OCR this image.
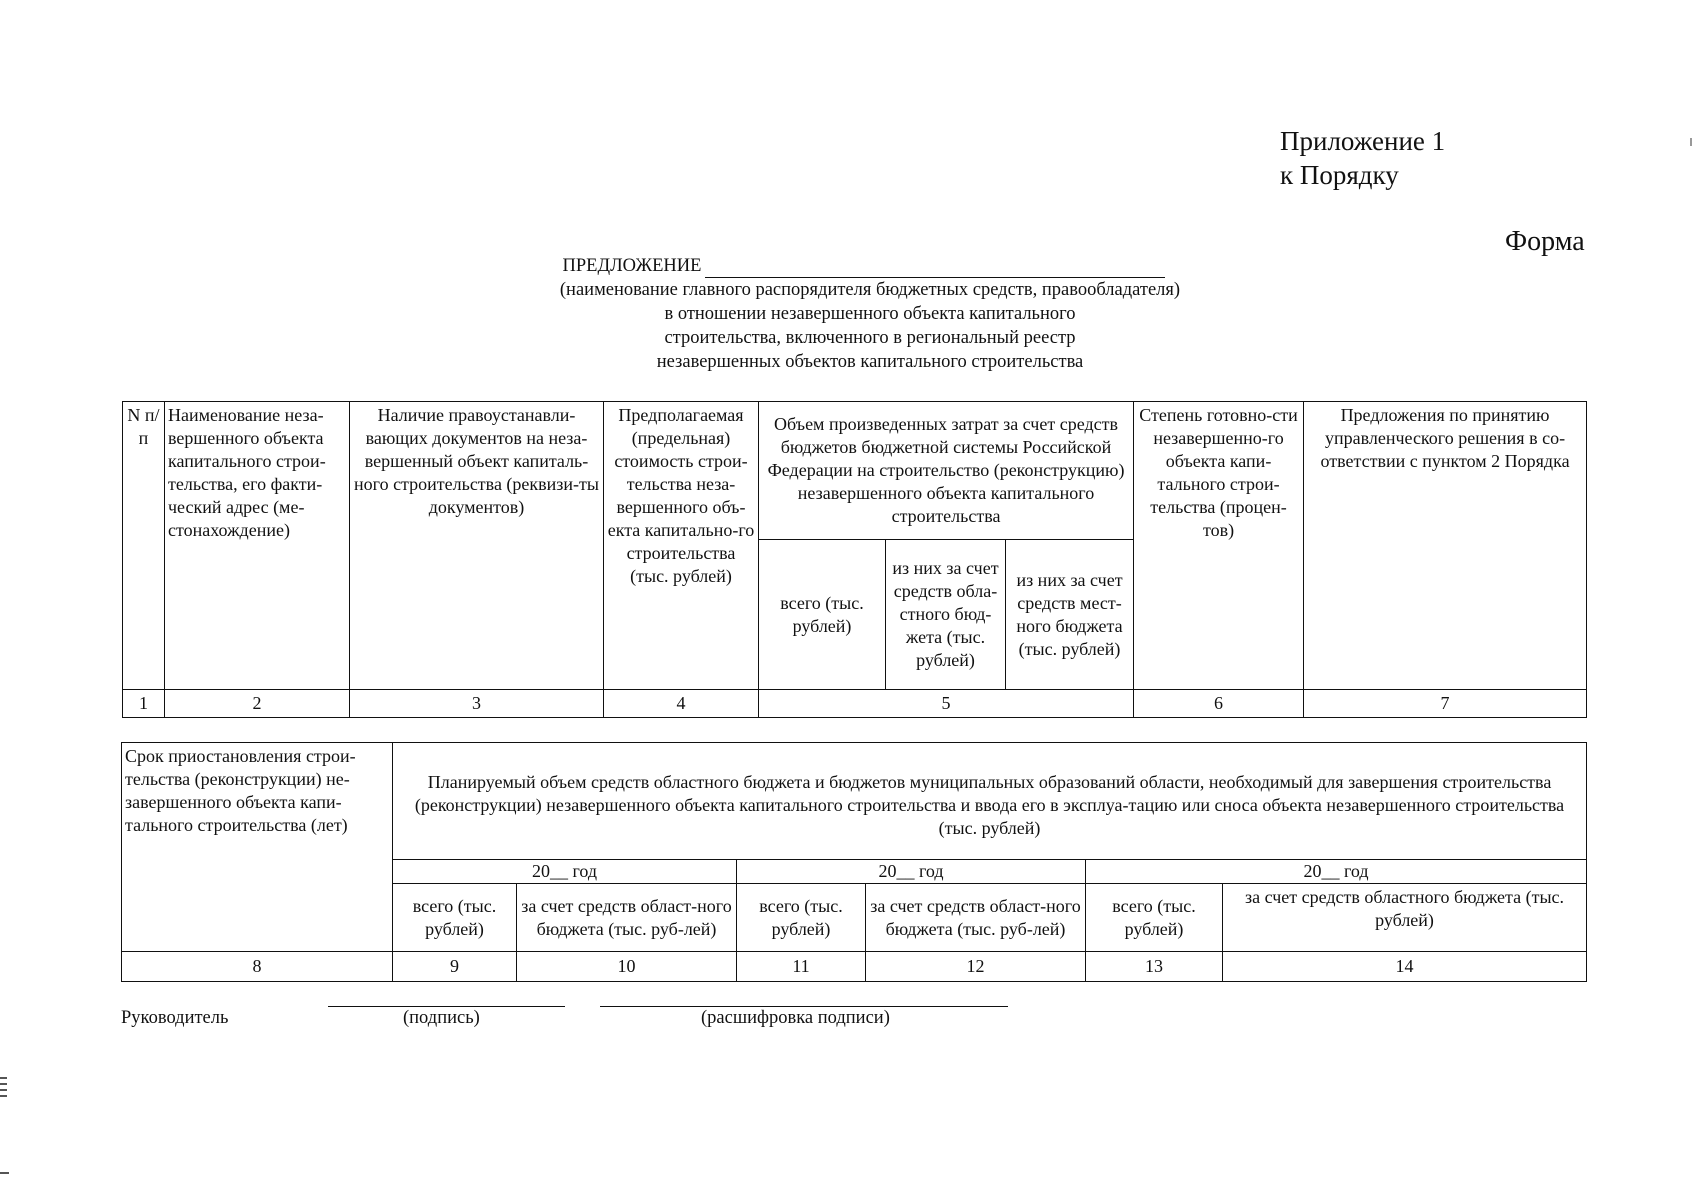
Приложение 1
к Порядку
Форма
ПРЕДЛОЖЕНИЕ
(наименование главного распорядителя бюджетных средств, правообладателя)
в отношении незавершенного объекта капитального
строительства, включенного в региональный реестр
незавершенных объектов капитального строительства
N п/п	Наименование неза-вершенного объекта капитального строи-тельства, его факти-ческий адрес (ме-стонахождение)	Наличие правоустанавли-вающих документов на неза-вершенный объект капиталь-ного строительства (реквизи-ты документов)	Предполагаемая (предельная) стоимость строи-тельства неза-вершенного объ-екта капитально-го строительства (тыс. рублей)	Объем произведенных затрат за счет средств бюджетов бюджетной системы Российской Федерации на строительство (реконструкцию) незавершенного объекта капитального строительства			Степень готовно-сти незавершенно-го объекта капи-тального строи-тельства (процен-тов)	Предложения по принятию управленческого решения в со-ответствии с пунктом 2 Порядка
				всего (тыс. рублей)	из них за счет средств обла-стного бюд-жета (тыс. рублей)	из них за счет средств мест-ного бюджета (тыс. рублей)		
1	2	3	4	5			6	7
Срок приостановления строи-тельства (реконструкции) не-завершенного объекта капи-тального строительства (лет)	Планируемый объем средств областного бюджета и бюджетов муниципальных образований области, необходимый для завершения строительства (реконструкции) незавершенного объекта капитального строительства и ввода его в эксплуа-тацию или сноса объекта незавершенного строительства (тыс. рублей)					
	20__ год		20__ год		20__ год	
	всего (тыс. рублей)	за счет средств област-ного бюджета (тыс. руб-лей)	всего (тыс. рублей)	за счет средств област-ного бюджета (тыс. руб-лей)	всего (тыс. рублей)	за счет средств областного бюджета (тыс. рублей)
8	9	10	11	12	13	14
Руководитель	(подпись)	(расшифровка подписи)
